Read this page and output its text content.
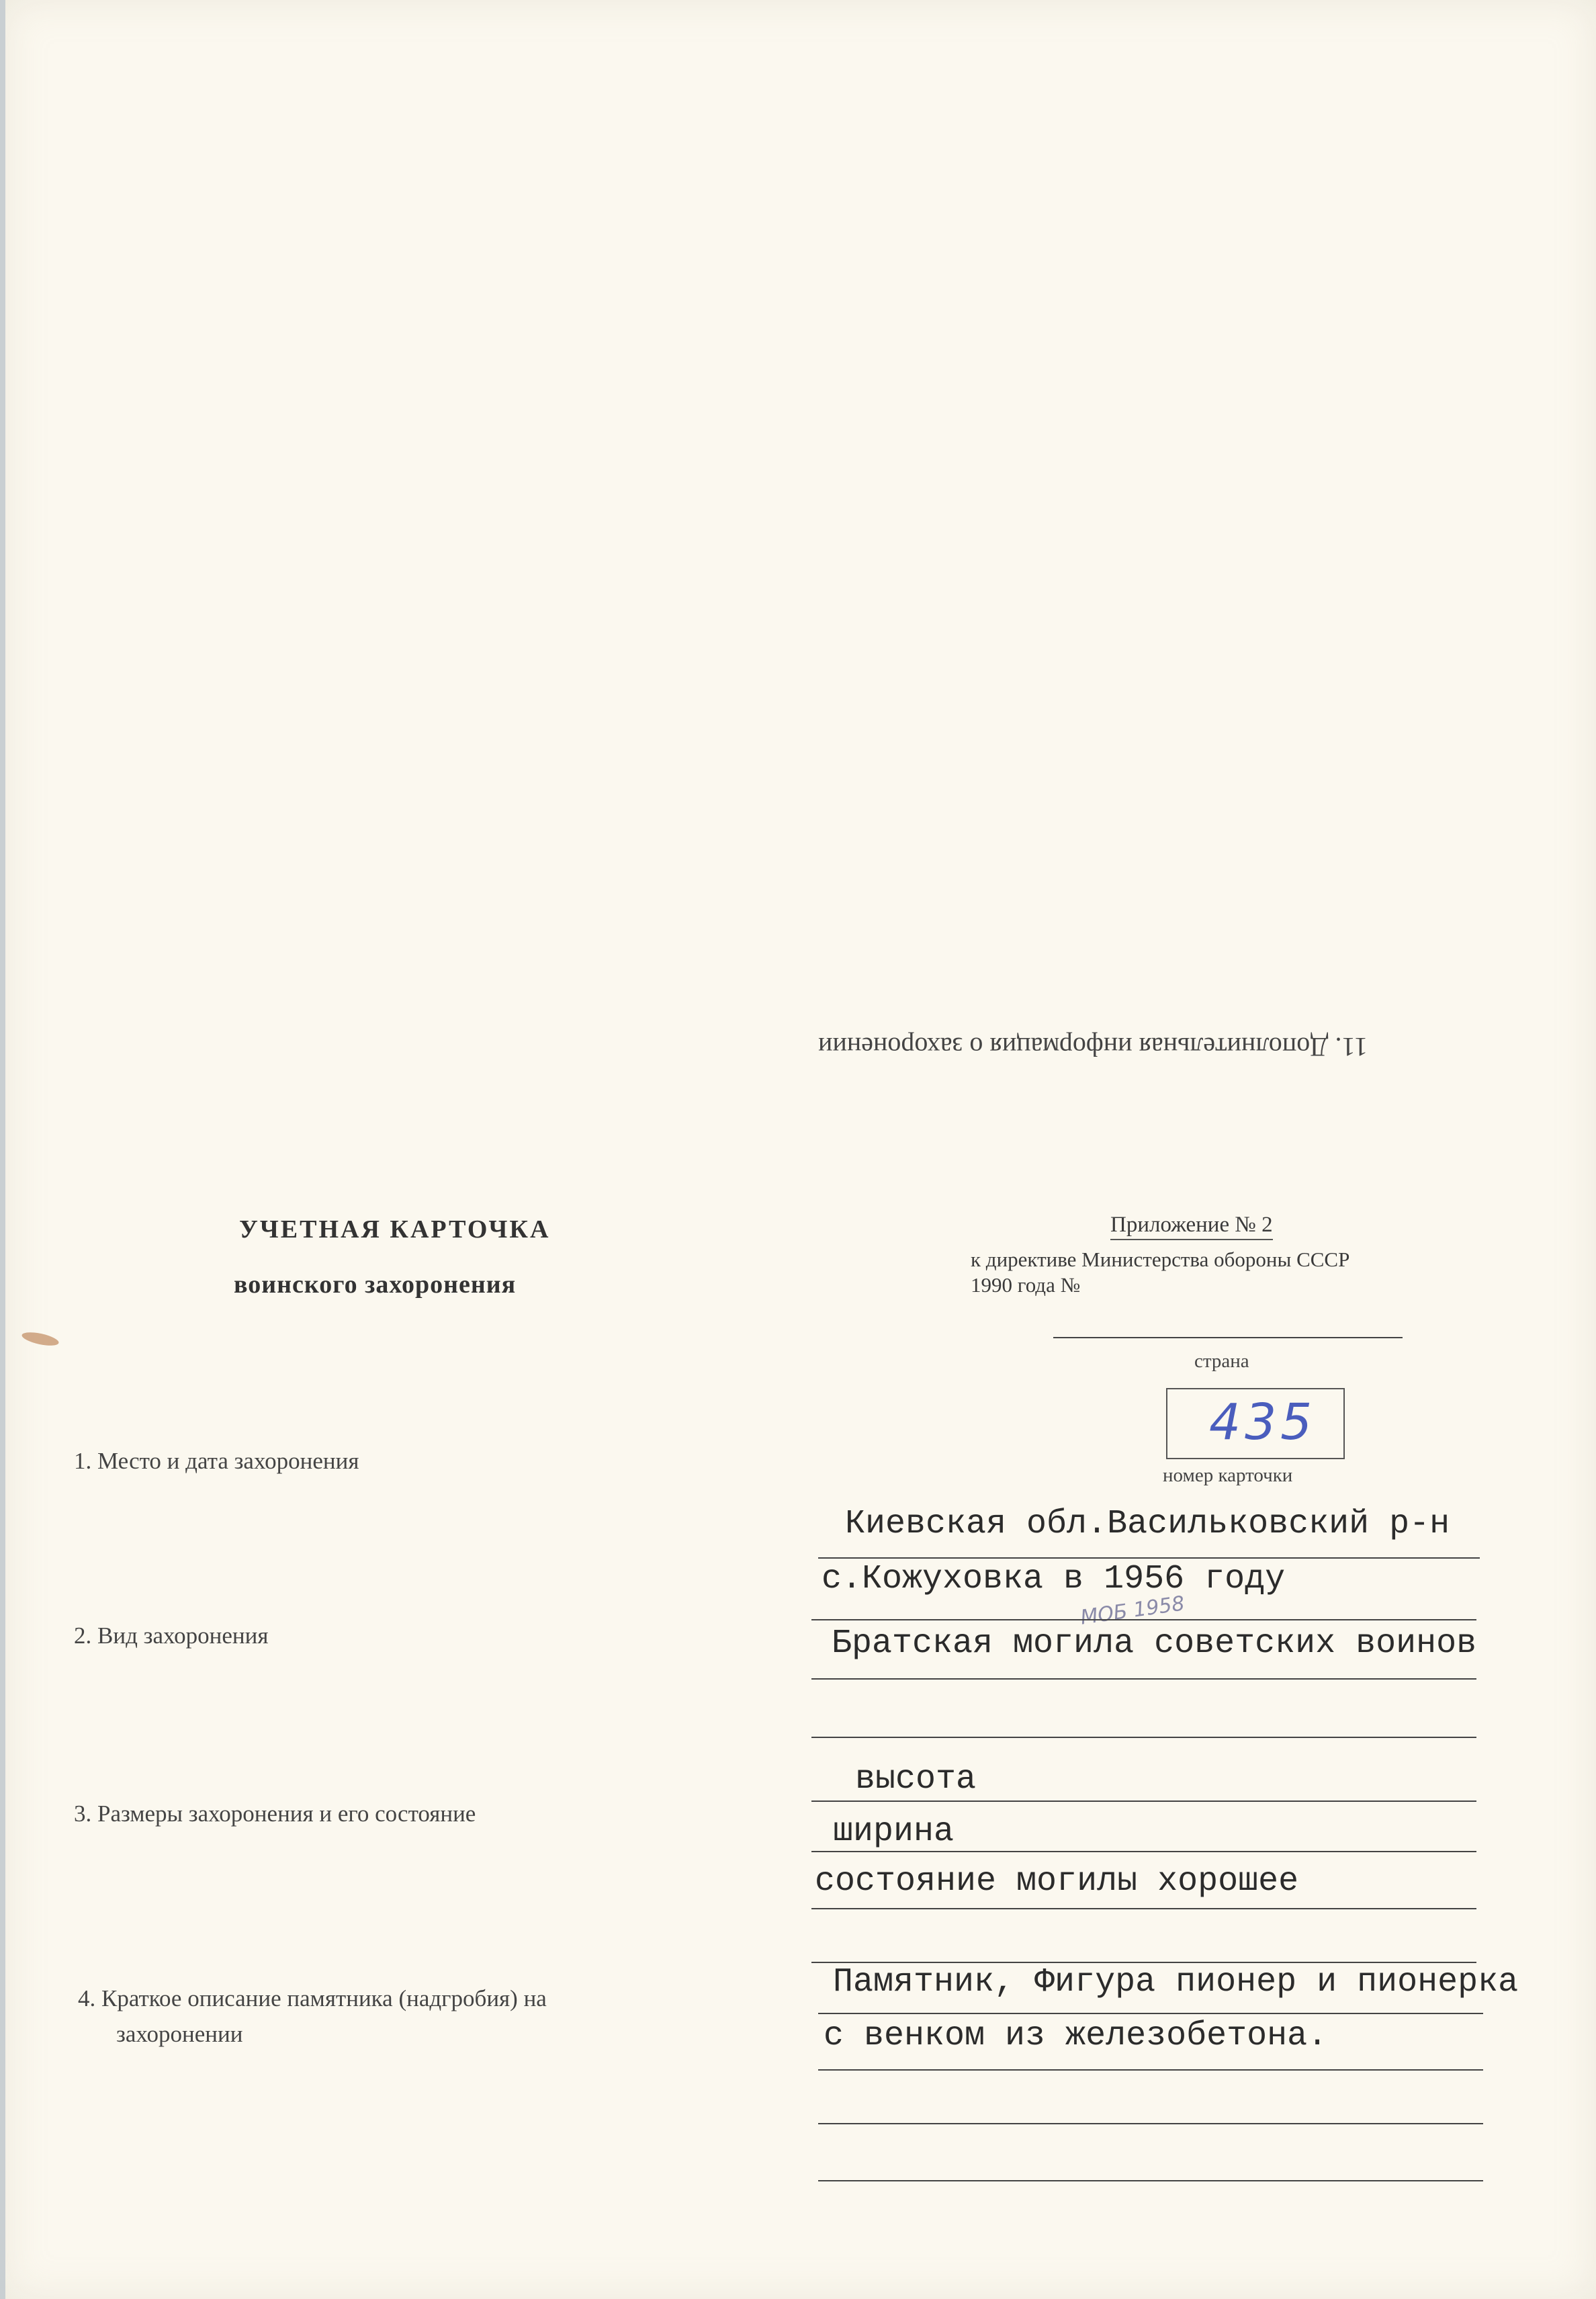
11. Дополнительная информация о захоронении
УЧЕТНАЯ КАРТОЧКА
воинского захоронения
Приложение № 2
к директиве Министерства обороны СССР
1990 года №
страна
435
номер карточки
1. Место и дата захоронения
Киевская обл.Васильковский р-н
с.Кожуховка в 1956 году
МОБ 1958
2. Вид захоронения	Братская могила советских воинов
3. Размеры захоронения и его состояние
высота
ширина
состояние могилы хорошее
4. Краткое описание памятника (надгробия) на
захоронении
Памятник, Фигура пионер и пионерка
с венком из железобетона.
